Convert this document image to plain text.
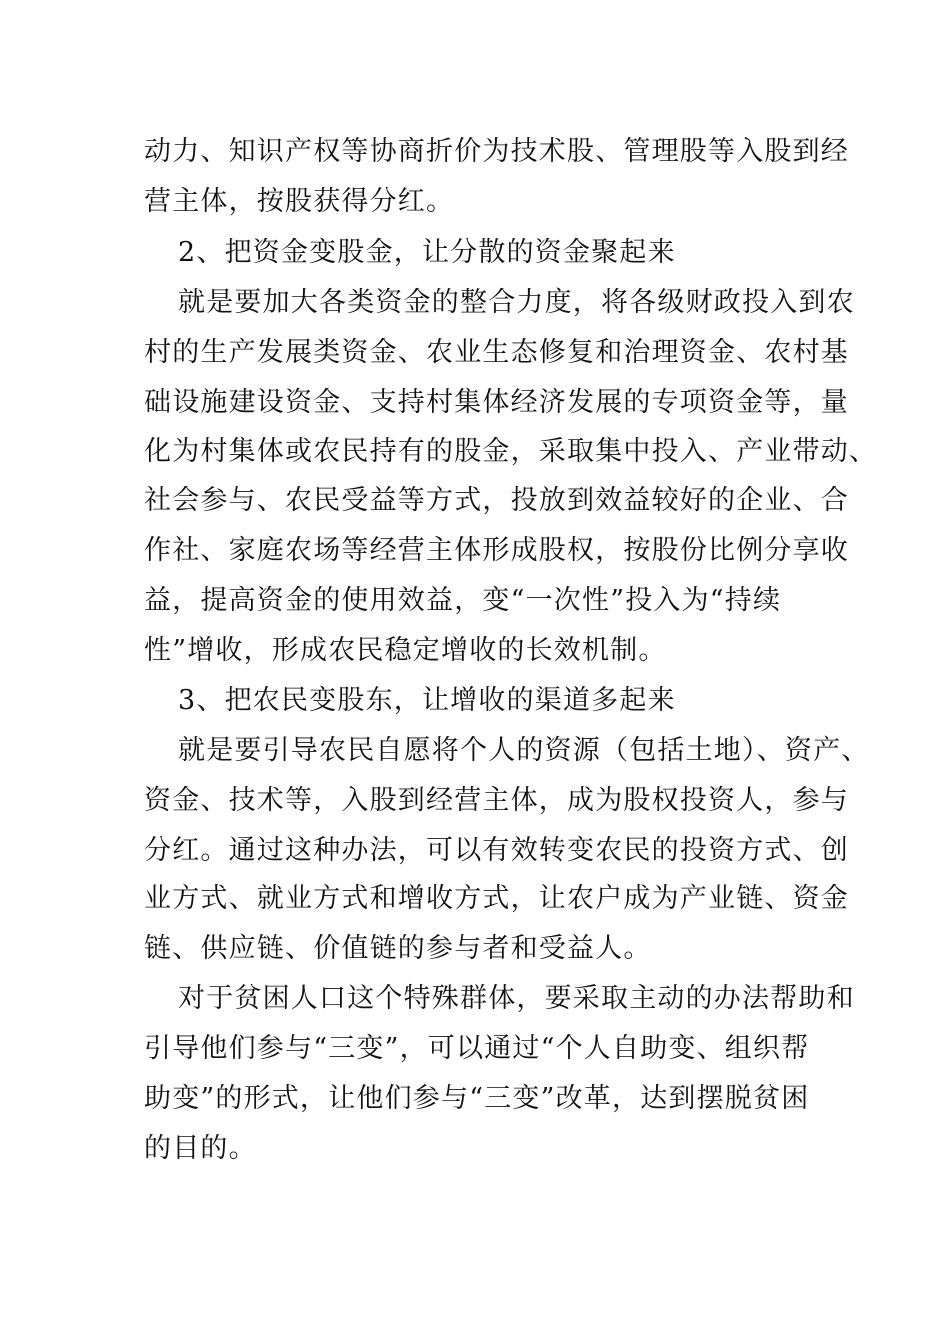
动力、知识产权等协商折价为技术股、管理股等入股到经
营主体，按股获得分红。
2、把资金变股金，让分散的资金聚起来
就是要加大各类资金的整合力度，将各级财政投入到农
村的生产发展类资金、农业生态修复和治理资金、农村基
础设施建设资金、支持村集体经济发展的专项资金等，量
化为村集体或农民持有的股金，采取集中投入、产业带动、
社会参与、农民受益等方式，投放到效益较好的企业、合
作社、家庭农场等经营主体形成股权，按股份比例分享收
益，提高资金的使用效益，变“一次性”投入为“持续
性”增收，形成农民稳定增收的长效机制。
3、把农民变股东，让增收的渠道多起来
就是要引导农民自愿将个人的资源（包括土地）、资产、
资金、技术等，入股到经营主体，成为股权投资人，参与
分红。通过这种办法，可以有效转变农民的投资方式、创
业方式、就业方式和增收方式，让农户成为产业链、资金
链、供应链、价值链的参与者和受益人。
对于贫困人口这个特殊群体，要采取主动的办法帮助和
引导他们参与“三变”，可以通过“个人自助变、组织帮
助变”的形式，让他们参与“三变”改革，达到摆脱贫困
的目的。
